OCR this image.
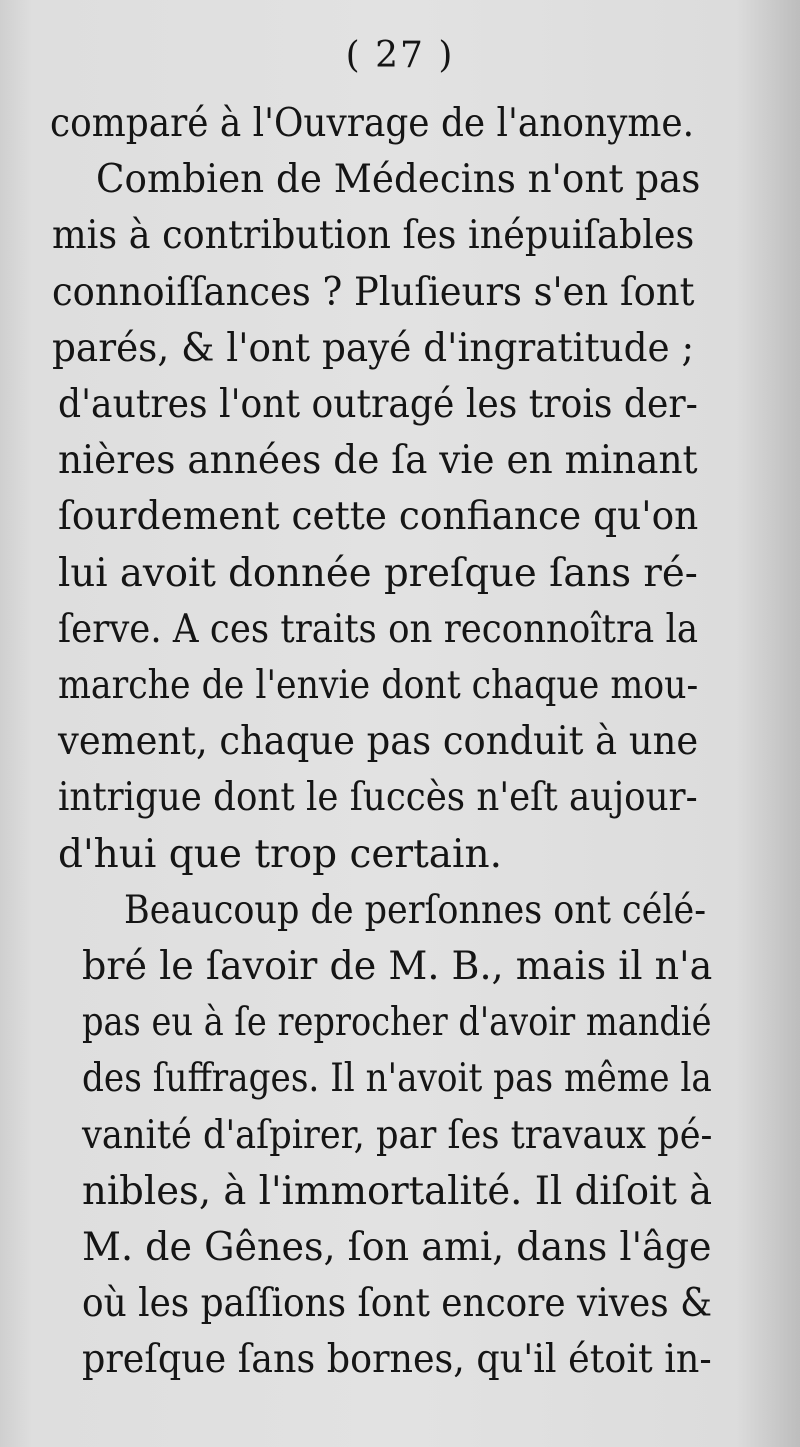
( 27 )
comparé à l'Ouvrage de l'anonyme.
Combien de Médecins n'ont pas
mis à contribution ſes inépuiſables
connoiſſances ? Pluſieurs s'en ſont
parés, & l'ont payé d'ingratitude ;
d'autres l'ont outragé les trois der-
nières années de ſa vie en minant
ſourdement cette confiance qu'on
lui avoit donnée preſque ſans ré-
ſerve. A ces traits on reconnoîtra la
marche de l'envie dont chaque mou-
vement, chaque pas conduit à une
intrigue dont le ſuccès n'eſt aujour-
d'hui que trop certain.
Beaucoup de perſonnes ont célé-
bré le ſavoir de M. B., mais il n'a
pas eu à ſe reprocher d'avoir mandié
des ſuffrages. Il n'avoit pas même la
vanité d'aſpirer, par ſes travaux pé-
nibles, à l'immortalité. Il diſoit à
M. de Gênes, ſon ami, dans l'âge
où les paſſions ſont encore vives &
preſque ſans bornes, qu'il étoit in-
